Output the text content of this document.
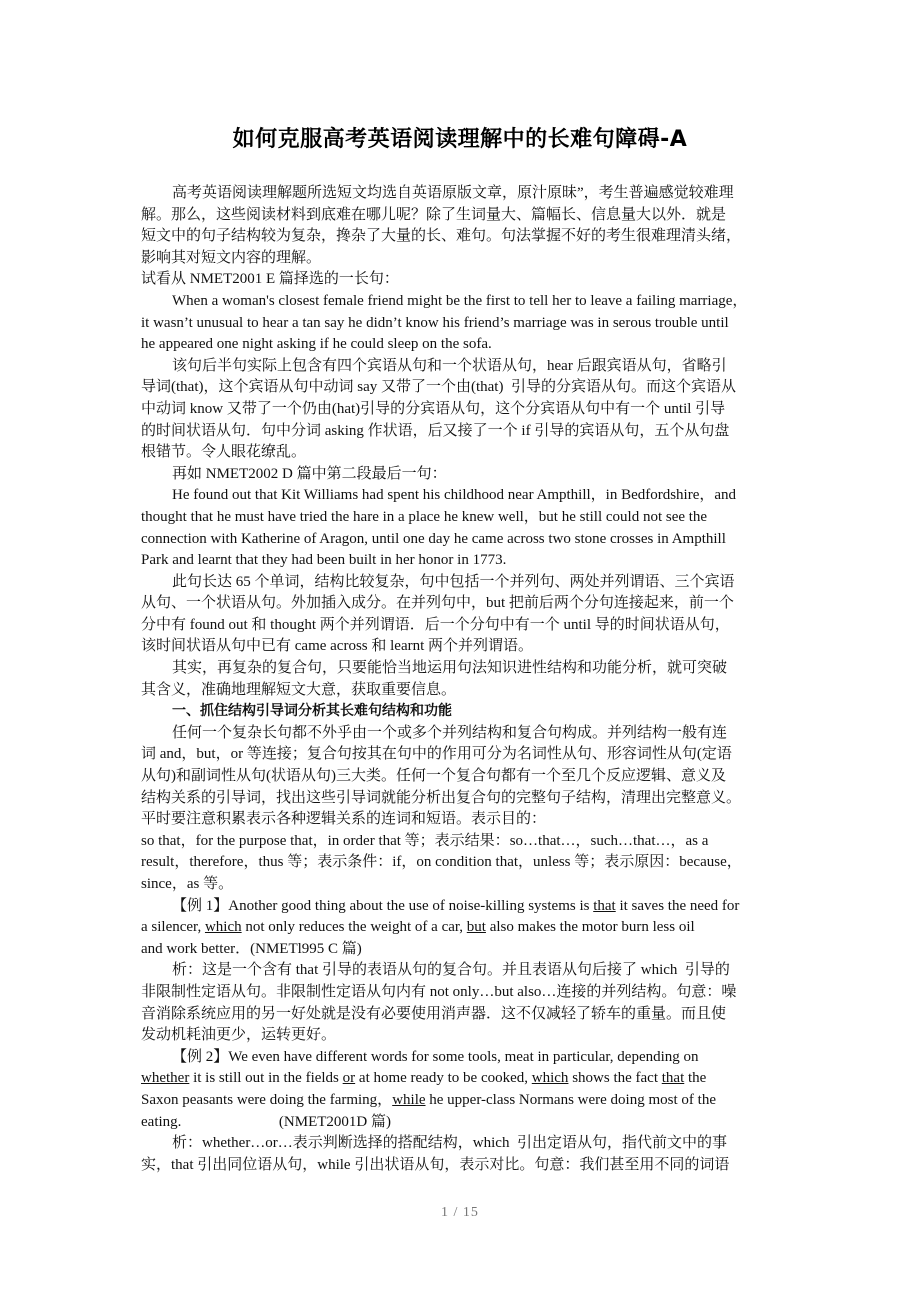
如何克服高考英语阅读理解中的长难句障碍-A
高考英语阅读理解题所选短文均选自英语原版文章，原汁原昧”，考生普遍感觉较难理
解。那么，这些阅读材料到底难在哪儿呢？除了生词量大、篇幅长、信息量大以外．就是
短文中的句子结构较为复杂，搀杂了大量的长、难句。句法掌握不好的考生很难理清头绪，
影响其对短文内容的理解。
试看从 NMET2001 E 篇择选的一长句：
When a woman's closest female friend might be the first to tell her to leave a failing marriage，
it wasn’t unusual to hear a tan say he didn’t know his friend’s marriage was in serous trouble until
he appeared one night asking if he could sleep on the sofa.
该句后半句实际上包含有四个宾语从句和一个状语从句，hear 后跟宾语从句，省略引
导词(that)，这个宾语从句中动词 say 又带了一个由(that)  引导的分宾语从句。而这个宾语从
中动词 know 又带了一个仍由(hat)引导的分宾语从句，这个分宾语从句中有一个 until 引导
的时间状语从句．句中分词 asking 作状语，后又接了一个 if 引导的宾语从句，五个从句盘
根错节。令人眼花缭乱。
再如 NMET2002 D 篇中第二段最后一句：
He found out that Kit Williams had spent his childhood near Ampthill，in Bedfordshire，and
thought that he must have tried the hare in a place he knew well，but he still could not see the
connection with Katherine of Aragon, until one day he came across two stone crosses in Ampthill
Park and learnt that they had been built in her honor in 1773.
此句长达 65 个单词，结构比较复杂，句中包括一个并列句、两处并列谓语、三个宾语
从句、一个状语从句。外加插入成分。在并列句中，but 把前后两个分句连接起来，前一个
分中有 found out 和 thought 两个并列谓语．后一个分句中有一个 until 导的时间状语从句，
该时间状语从句中已有 came across 和 learnt 两个并列谓语。
其实，再复杂的复合句，只要能恰当地运用句法知识进性结构和功能分析，就可突破
其含义，准确地理解短文大意，获取重要信息。
一、抓住结构引导词分析其长难句结构和功能
任何一个复杂长句都不外乎由一个或多个并列结构和复合句构成。并列结构一般有连
词 and，but，or 等连接；复合句按其在句中的作用可分为名词性从句、形容词性从句(定语
从句)和副词性从句(状语从句)三大类。任何一个复合句都有一个至几个反应逻辑、意义及
结构关系的引导词，找出这些引导词就能分析出复合句的完整句子结构，清理出完整意义。
平时要注意积累表示各种逻辑关系的连词和短语。表示目的：
so that，for the purpose that，in order that 等；表示结果：so…that…，such…that…，as a
result，therefore，thus 等；表示条件：if，on condition that，unless 等；表示原因：because，
since，as 等。
【例 1】Another good thing about the use of noise-killing systems is that it saves the need for
a silencer, which not only reduces the weight of a car, but also makes the motor burn less oil
and work better．(NMETl995 C 篇)
析：这是一个含有 that 引导的表语从句的复合句。并且表语从句后接了 which  引导的
非限制性定语从句。非限制性定语从句内有 not only…but also…连接的并列结构。句意：噪
音消除系统应用的另一好处就是没有必要使用消声器．这不仅减轻了轿车的重量。而且使
发动机耗油更少，运转更好。
【例 2】We even have different words for some tools, meat in particular, depending on
whether it is still out in the fields or at home ready to be cooked, which shows the fact that the
Saxon peasants were doing the farming，while he upper-class Normans were doing most of the
eating.                          (NMET2001D 篇)
析：whether…or…表示判断选择的搭配结构，which  引出定语从句，指代前文中的事
实，that 引出同位语从句，while 引出状语从旬，表示对比。句意：我们甚至用不同的词语
1 / 15
